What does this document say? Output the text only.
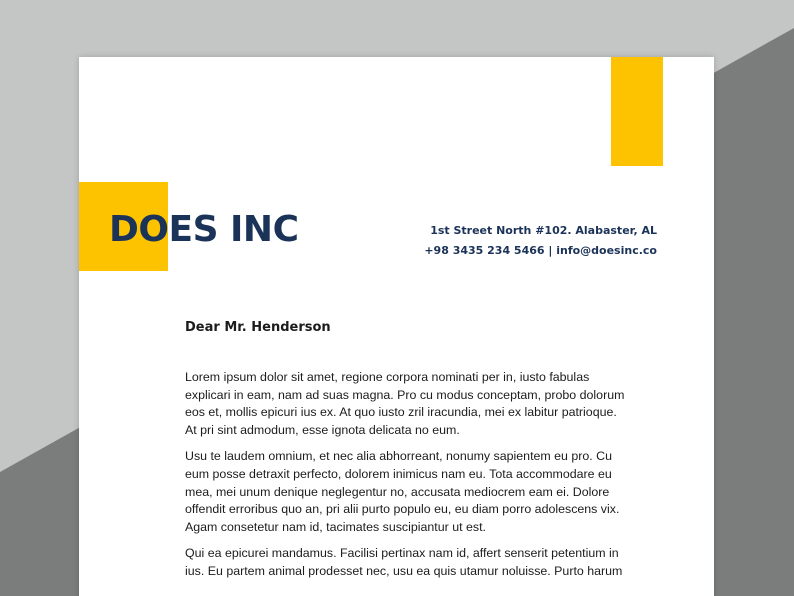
DOES INC	1st Street North #102. Alabaster, AL
+98 3435 234 5466 | info@doesinc.co

Dear Mr. Henderson

Lorem ipsum dolor sit amet, regione corpora nominati per in, iusto fabulas explicari in eam, nam ad suas magna. Pro cu modus conceptam, probo dolorum eos et, mollis epicuri ius ex. At quo iusto zril iracundia, mei ex labitur patrioque. At pri sint admodum, esse ignota delicata no eum.

Usu te laudem omnium, et nec alia abhorreant, nonumy sapientem eu pro. Cu eum posse detraxit perfecto, dolorem inimicus nam eu. Tota accommodare eu mea, mei unum denique neglegentur no, accusata mediocrem eam ei. Dolore offendit erroribus quo an, pri alii purto populo eu, eu diam porro adolescens vix. Agam consetetur nam id, tacimates suscipiantur ut est.

Qui ea epicurei mandamus. Facilisi pertinax nam id, affert senserit petentium in ius. Eu partem animal prodesset nec, usu ea quis utamur noluisse. Purto harum
